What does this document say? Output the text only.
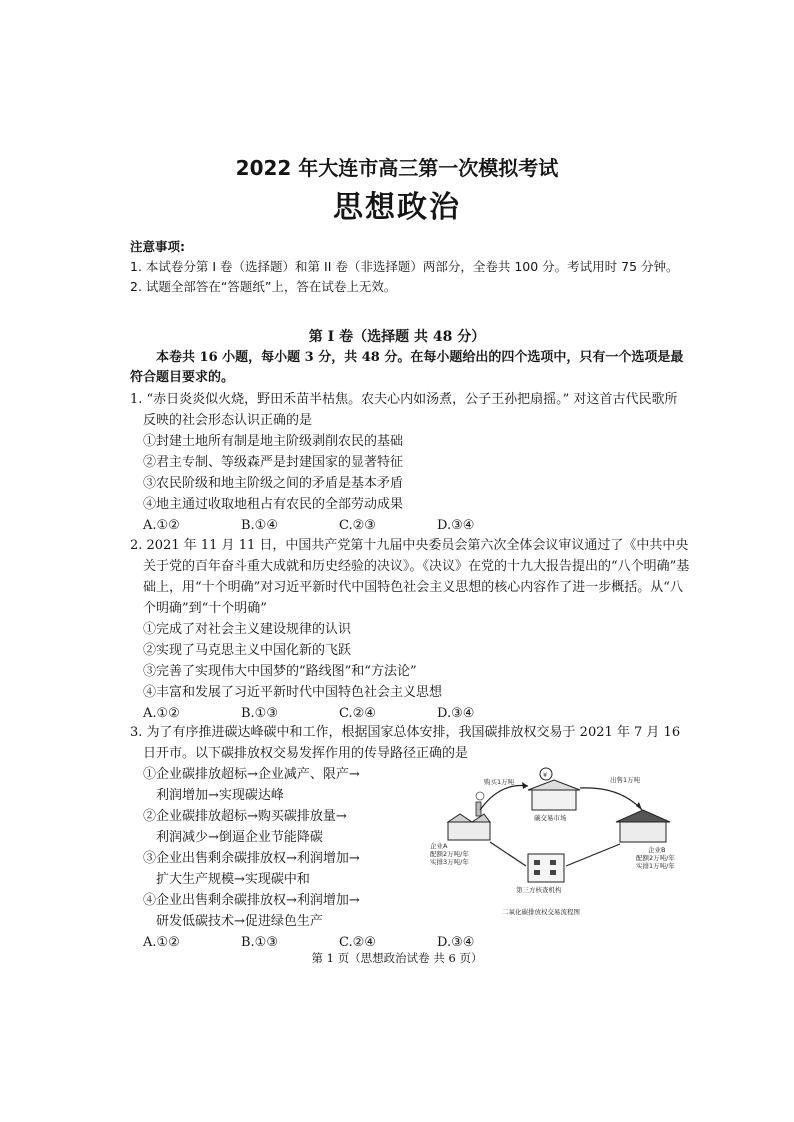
2022 年大连市高三第一次模拟考试
思想政治
注意事项:
1. 本试卷分第 I 卷（选择题）和第 II 卷（非选择题）两部分，全卷共 100 分。考试用时 75 分钟。
2. 试题全部答在“答题纸”上，答在试卷上无效。
第 I 卷（选择题 共 48 分）
本卷共 16 小题，每小题 3 分，共 48 分。在每小题给出的四个选项中，只有一个选项是最符合题目要求的。
1. “赤日炎炎似火烧，野田禾苗半枯焦。农夫心内如汤煮，公子王孙把扇摇。” 对这首古代民歌所反映的社会形态认识正确的是
①封建土地所有制是地主阶级剥削农民的基础
②君主专制、等级森严是封建国家的显著特征
③农民阶级和地主阶级之间的矛盾是基本矛盾
④地主通过收取地租占有农民的全部劳动成果
A.①②	B.①④	C.②③	D.③④
2. 2021 年 11 月 11 日，中国共产党第十九届中央委员会第六次全体会议审议通过了《中共中央关于党的百年奋斗重大成就和历史经验的决议》。《决议》在党的十九大报告提出的“八个明确”基础上，用“十个明确”对习近平新时代中国特色社会主义思想的核心内容作了进一步概括。从“八个明确”到“十个明确”
①完成了对社会主义建设规律的认识
②实现了马克思主义中国化新的飞跃
③完善了实现伟大中国梦的“路线图”和“方法论”
④丰富和发展了习近平新时代中国特色社会主义思想
A.①②	B.①③	C.②④	D.③④
3. 为了有序推进碳达峰碳中和工作，根据国家总体安排，我国碳排放权交易于 2021 年 7 月 16 日开市。以下碳排放权交易发挥作用的传导路径正确的是
①企业碳排放超标→企业减产、限产→
利润增加→实现碳达峰
②企业碳排放超标→购买碳排放量→
利润减少→倒逼企业节能降碳
③企业出售剩余碳排放权→利润增加→
扩大生产规模→实现碳中和
④企业出售剩余碳排放权→利润增加→
研发低碳技术→促进绿色生产
A.①②	B.①③	C.②④	D.③④
¥
碳交易市场
企业A
配额2万吨/年
实排3万吨/年
企业B
配额2万吨/年
实排1万吨/年
第三方核查机构
购买1万吨	出售1万吨
二氧化碳排放权交易流程图
第 1 页（思想政治试卷 共 6 页）
